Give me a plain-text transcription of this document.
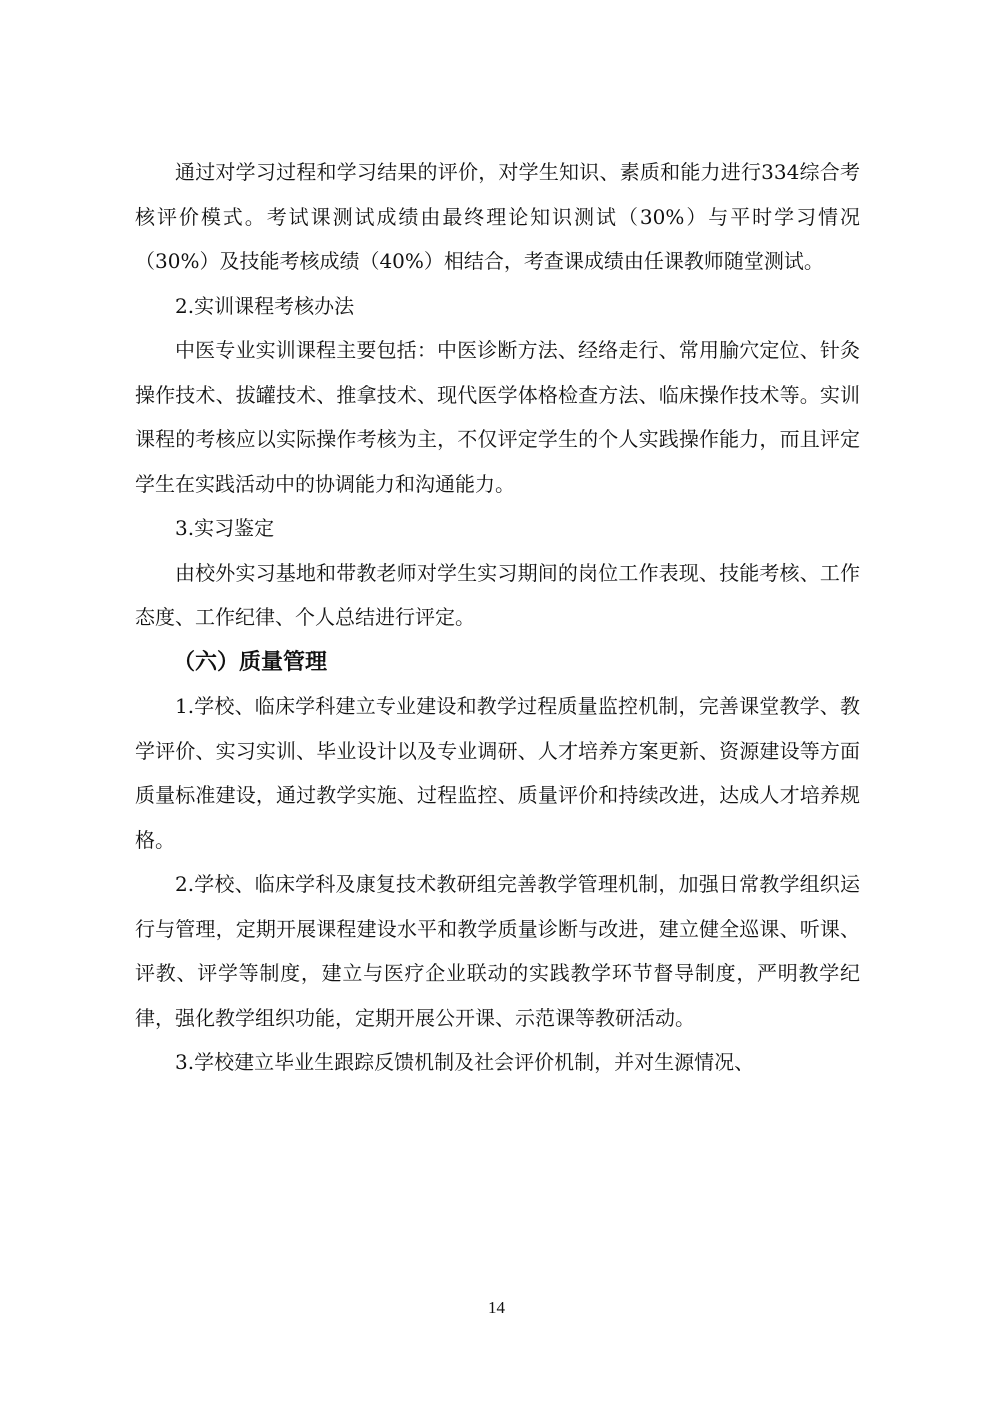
通过对学习过程和学习结果的评价，对学生知识、素质和能力进行334综合考核评价模式。考试课测试成绩由最终理论知识测试（30%）与平时学习情况（30%）及技能考核成绩（40%）相结合，考查课成绩由任课教师随堂测试。

2.实训课程考核办法

中医专业实训课程主要包括：中医诊断方法、经络走行、常用腧穴定位、针灸操作技术、拔罐技术、推拿技术、现代医学体格检查方法、临床操作技术等。实训课程的考核应以实际操作考核为主，不仅评定学生的个人实践操作能力，而且评定学生在实践活动中的协调能力和沟通能力。

3.实习鉴定

由校外实习基地和带教老师对学生实习期间的岗位工作表现、技能考核、工作态度、工作纪律、个人总结进行评定。

（六）质量管理

1.学校、临床学科建立专业建设和教学过程质量监控机制，完善课堂教学、教学评价、实习实训、毕业设计以及专业调研、人才培养方案更新、资源建设等方面质量标准建设，通过教学实施、过程监控、质量评价和持续改进，达成人才培养规格。

2.学校、临床学科及康复技术教研组完善教学管理机制，加强日常教学组织运行与管理，定期开展课程建设水平和教学质量诊断与改进，建立健全巡课、听课、评教、评学等制度，建立与医疗企业联动的实践教学环节督导制度，严明教学纪律，强化教学组织功能，定期开展公开课、示范课等教研活动。

3.学校建立毕业生跟踪反馈机制及社会评价机制，并对生源情况、

14
